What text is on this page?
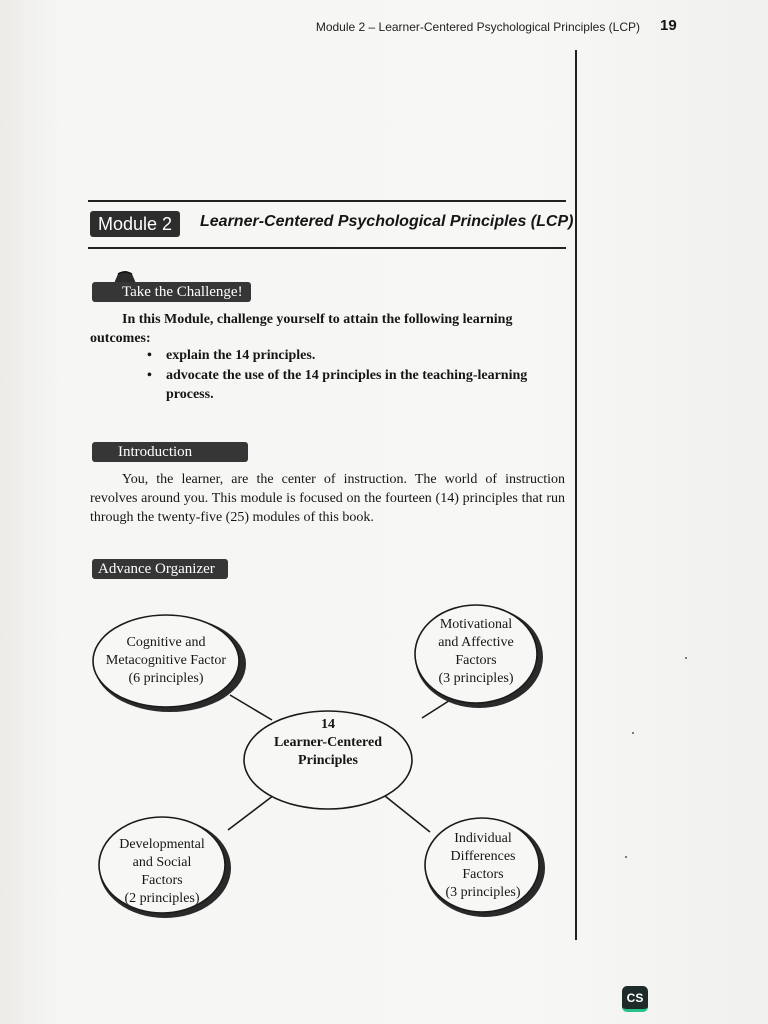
Module 2 – Learner-Centered Psychological Principles (LCP) 19
Module 2	Learner-Centered Psychological Principles (LCP)
Take the Challenge!
In this Module, challenge yourself to attain the following learning
outcomes:
• explain the 14 principles.
• advocate the use of the 14 principles in the teaching-learning process.
Introduction
You, the learner, are the center of instruction. The world of instruction revolves around you. This module is focused on the fourteen (14) principles that run through the twenty-five (25) modules of this book.
Advance Organizer
Cognitive and
Metacognitive Factor
(6 principles)
Motivational
and Affective
Factors
(3 principles)
14
Learner-Centered
Principles
Developmental
and Social
Factors
(2 principles)
Individual
Differences
Factors
(3 principles)
CS
